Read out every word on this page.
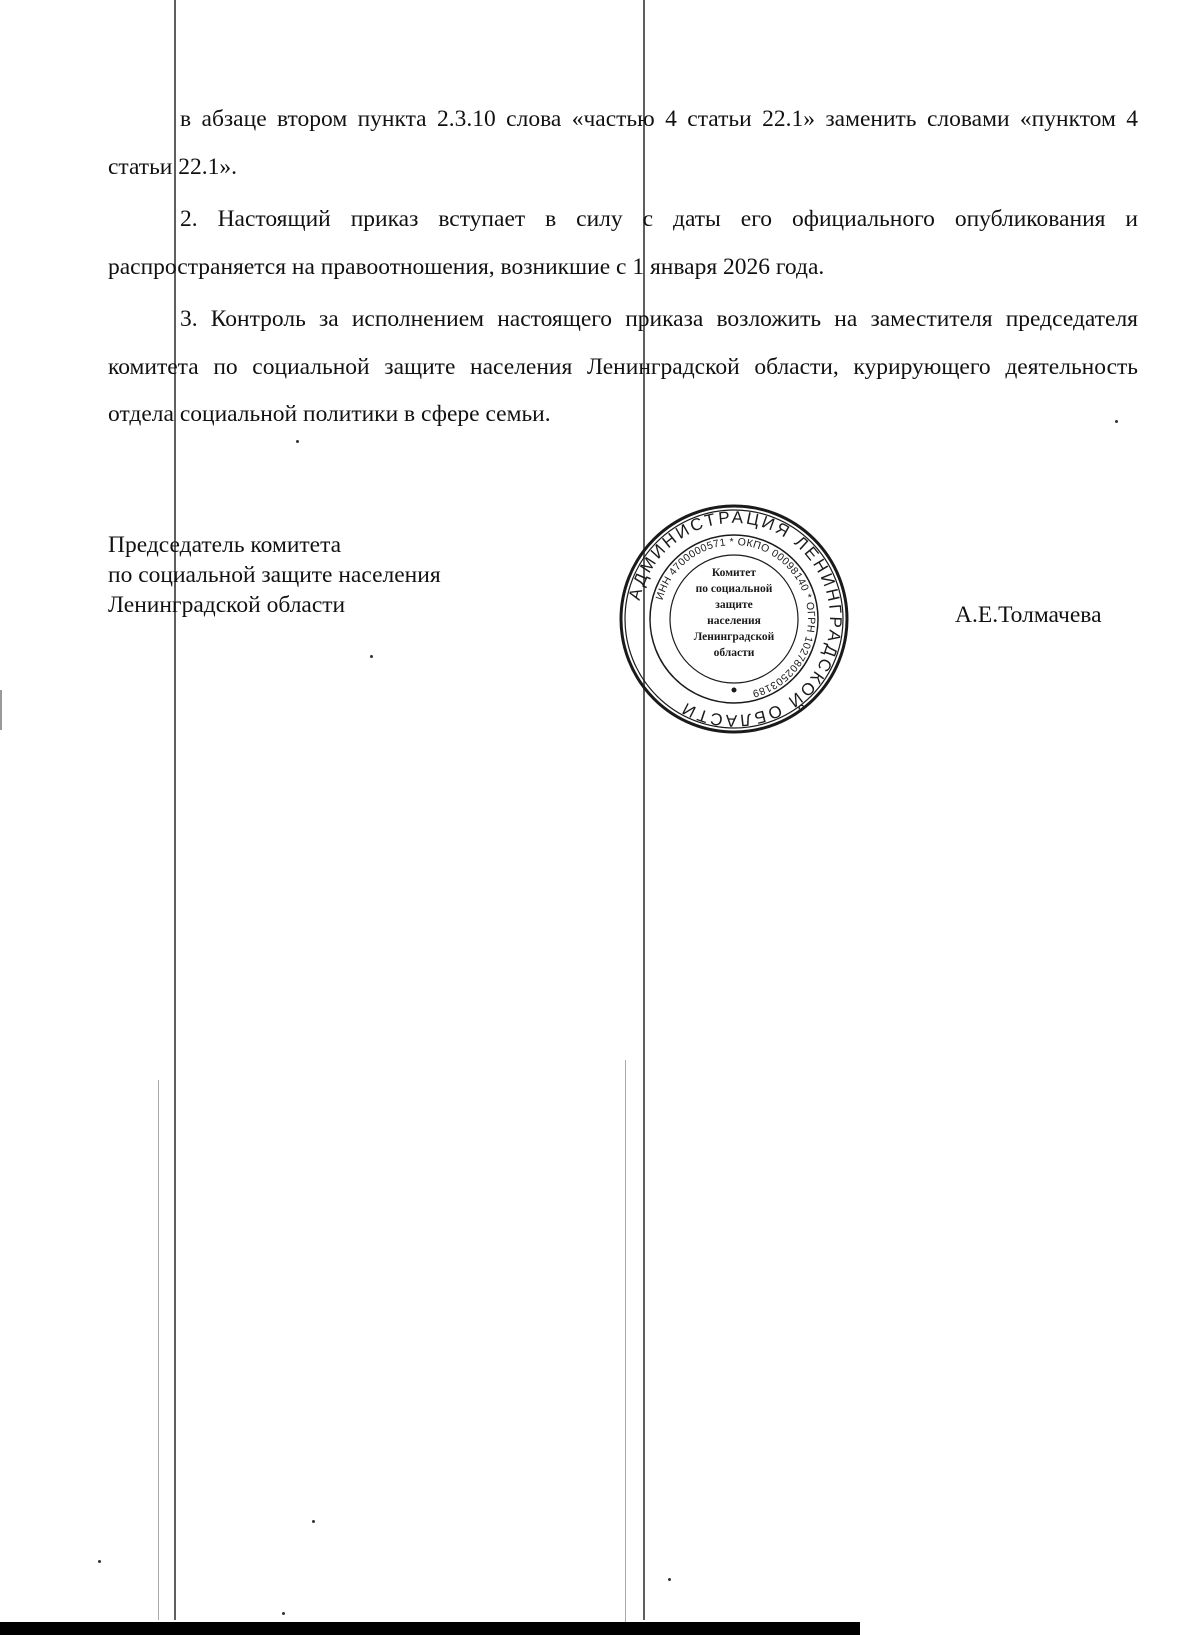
в абзаце втором пункта 2.3.10 слова «частью 4 статьи 22.1» заменить словами «пунктом 4 статьи 22.1».

2. Настоящий приказ вступает в силу с даты его официального опубликования и распространяется на правоотношения, возникшие с 1 января 2026 года.

3. Контроль за исполнением настоящего приказа возложить на заместителя председателя комитета по социальной защите населения Ленинградской области, курирующего деятельность отдела социальной политики в сфере семьи.

Председатель комитета
по социальной защите населения
Ленинградской области	А.Е.Толмачева
АДМИНИСТРАЦИЯ ЛЕНИНГРАДСКОЙ ОБЛАСТИ
ИНН 4700000571 * ОКПО 00098140 * ОГРН 1027802503189
Комитет
по социальной
защите
населения
Ленинградской
области
